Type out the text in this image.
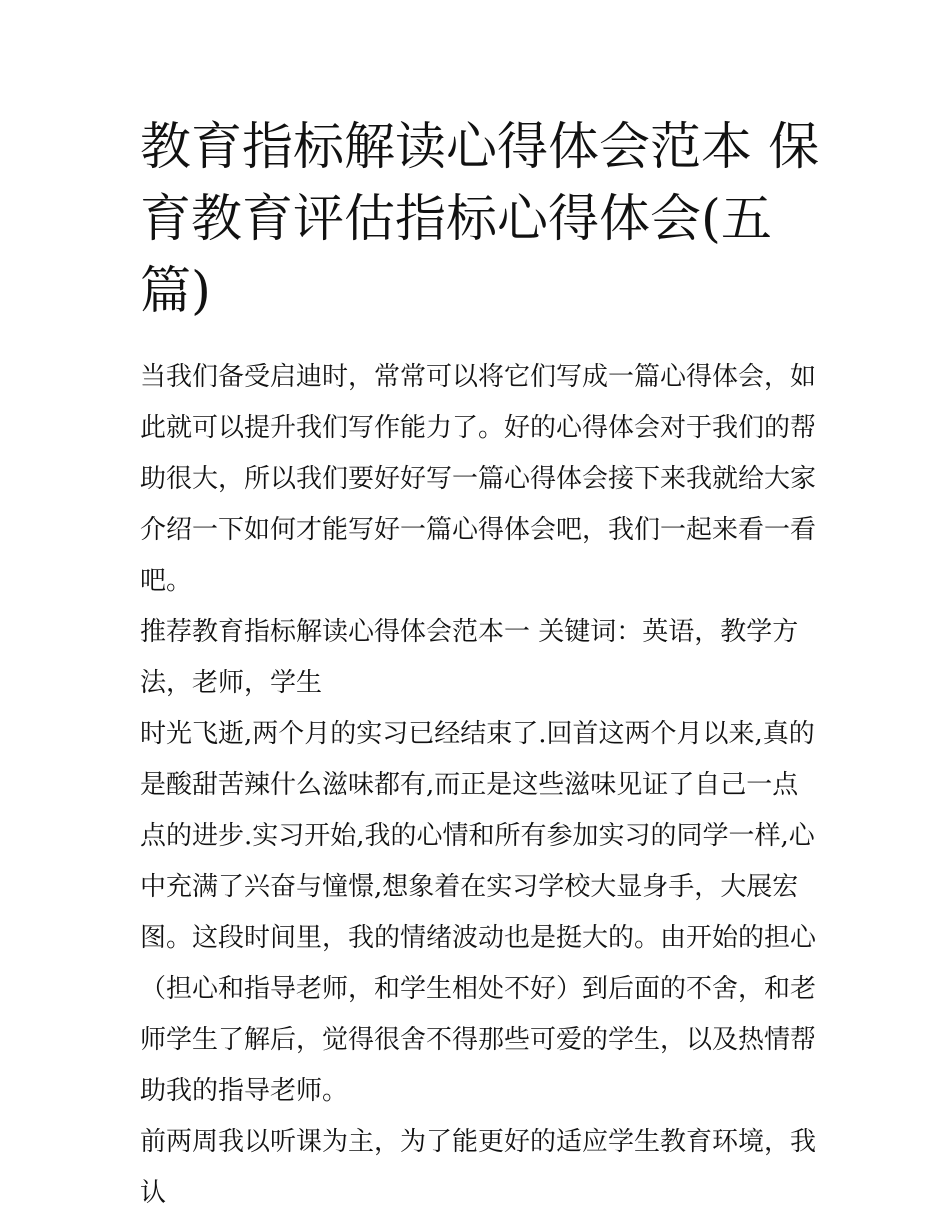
教育指标解读心得体会范本 保育教育评估指标心得体会(五篇)

当我们备受启迪时，常常可以将它们写成一篇心得体会，如此就可以提升我们写作能力了。好的心得体会对于我们的帮助很大，所以我们要好好写一篇心得体会接下来我就给大家介绍一下如何才能写好一篇心得体会吧，我们一起来看一看吧。

推荐教育指标解读心得体会范本一 关键词：英语，教学方法，老师，学生

时光飞逝,两个月的实习已经结束了.回首这两个月以来,真的是酸甜苦辣什么滋味都有,而正是这些滋味见证了自己一点点的进步.实习开始,我的心情和所有参加实习的同学一样,心中充满了兴奋与憧憬,想象着在实习学校大显身手，大展宏图。这段时间里，我的情绪波动也是挺大的。由开始的担心（担心和指导老师，和学生相处不好）到后面的不舍，和老师学生了解后，觉得很舍不得那些可爱的学生，以及热情帮助我的指导老师。

前两周我以听课为主，为了能更好的适应学生教育环境，我认
